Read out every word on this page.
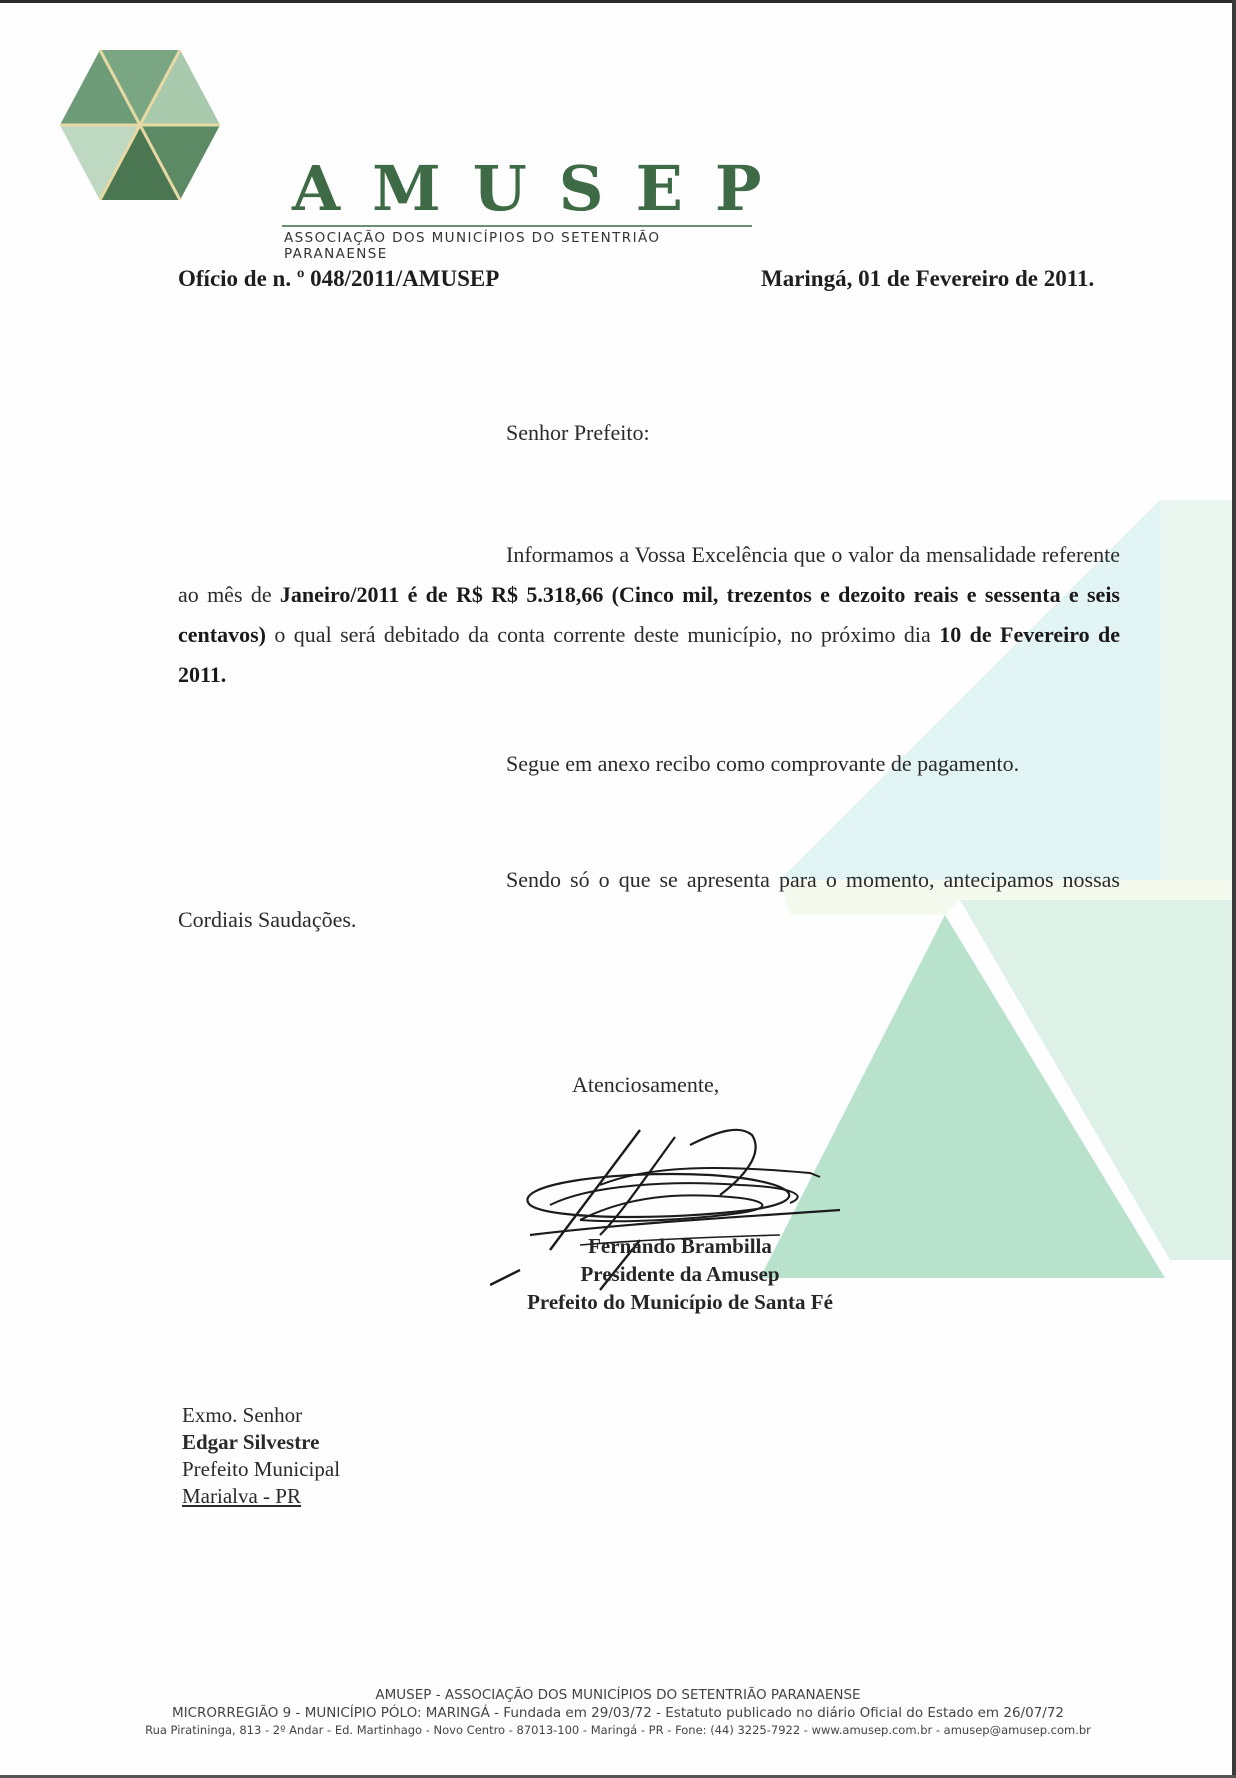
AMUSEP
ASSOCIAÇÃO DOS MUNICÍPIOS DO SETENTRIÃO PARANAENSE
Ofício de n. º 048/2011/AMUSEP	Maringá, 01 de Fevereiro de 2011.
Senhor Prefeito:
Informamos a Vossa Excelência que o valor da mensalidade referente ao mês de Janeiro/2011 é de R$ R$ 5.318,66 (Cinco mil, trezentos e dezoito reais e sessenta e seis centavos) o qual será debitado da conta corrente deste município, no próximo dia 10 de Fevereiro de 2011.
Segue em anexo recibo como comprovante de pagamento.
Sendo só o que se apresenta para o momento, antecipamos nossas Cordiais Saudações.
Atenciosamente,
Fernando Brambilla
Presidente da Amusep
Prefeito do Município de Santa Fé
Exmo. Senhor
Edgar Silvestre
Prefeito Municipal
Marialva - PR
AMUSEP - ASSOCIAÇÃO DOS MUNICÍPIOS DO SETENTRIÃO PARANAENSE
MICRORREGIÃO 9 - MUNICÍPIO PÓLO: MARINGÁ - Fundada em 29/03/72 - Estatuto publicado no diário Oficial do Estado em 26/07/72
Rua Piratininga, 813 - 2º Andar - Ed. Martinhago - Novo Centro - 87013-100 - Maringá - PR - Fone: (44) 3225-7922 - www.amusep.com.br - amusep@amusep.com.br
